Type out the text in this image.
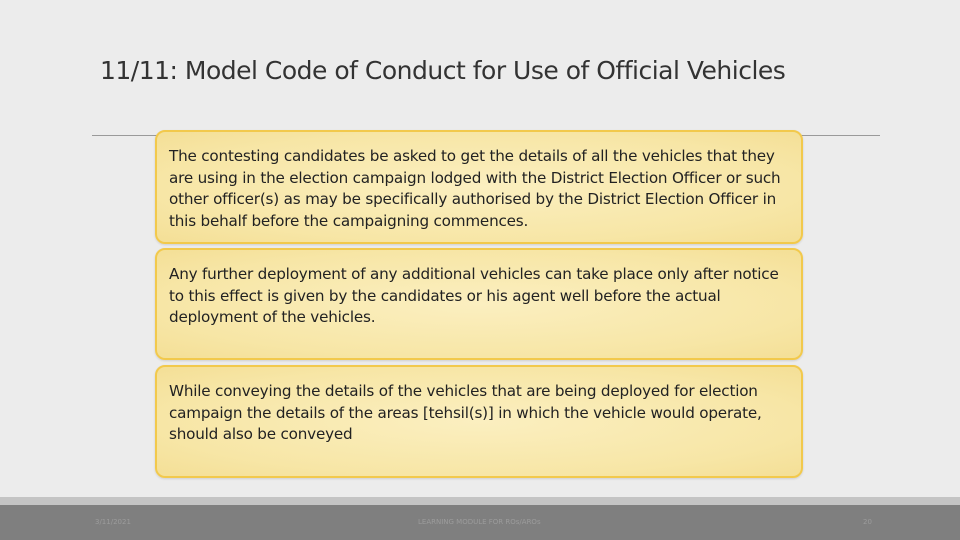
11/11: Model Code of Conduct for Use of Official Vehicles
The contesting candidates be asked to get the details of all the vehicles that they are using in the election campaign lodged with the District Election Officer or such other officer(s) as may be specifically authorised by the District Election Officer in this behalf before the campaigning commences.
Any further deployment of any additional vehicles can take place only after notice to this effect is given by the candidates or his agent well before the actual deployment of the vehicles.
While conveying the details of the vehicles that are being deployed for election campaign the details of the areas [tehsil(s)] in which the vehicle would operate, should also be conveyed
3/11/2021	LEARNING MODULE FOR ROs/AROs	20
